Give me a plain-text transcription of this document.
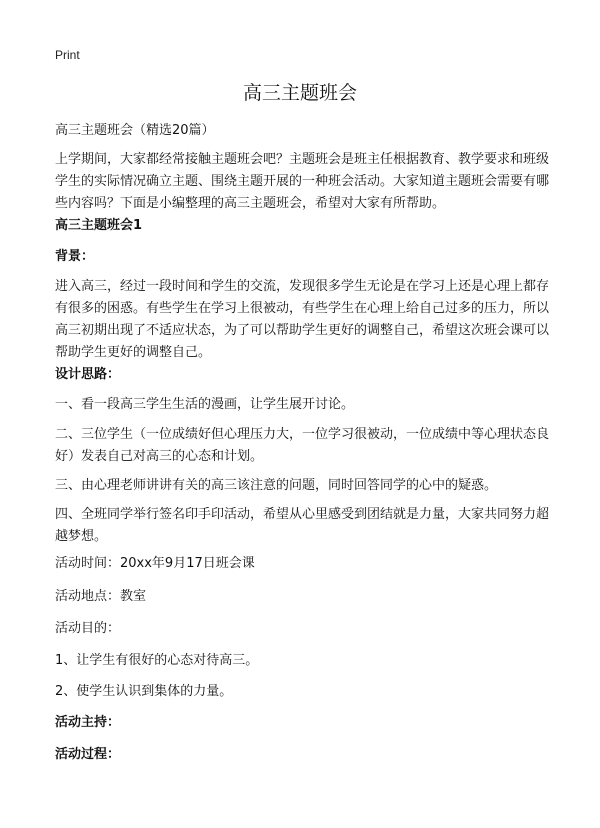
Print
高三主题班会

高三主题班会（精选20篇）

上学期间，大家都经常接触主题班会吧？主题班会是班主任根据教育、教学要求和班级学生的实际情况确立主题、围绕主题开展的一种班会活动。大家知道主题班会需要有哪些内容吗？下面是小编整理的高三主题班会，希望对大家有所帮助。

高三主题班会1

背景：

进入高三，经过一段时间和学生的交流，发现很多学生无论是在学习上还是心理上都存有很多的困惑。有些学生在学习上很被动，有些学生在心理上给自己过多的压力，所以高三初期出现了不适应状态，为了可以帮助学生更好的调整自己，希望这次班会课可以帮助学生更好的调整自己。

设计思路：

一、看一段高三学生生活的漫画，让学生展开讨论。

二、三位学生（一位成绩好但心理压力大，一位学习很被动，一位成绩中等心理状态良好）发表自己对高三的心态和计划。

三、由心理老师讲讲有关的高三该注意的问题，同时回答同学的心中的疑惑。

四、全班同学举行签名印手印活动，希望从心里感受到团结就是力量，大家共同努力超越梦想。

活动时间：20xx年9月17日班会课

活动地点：教室

活动目的：

1、让学生有很好的心态对待高三。

2、使学生认识到集体的力量。

活动主持：

活动过程：
